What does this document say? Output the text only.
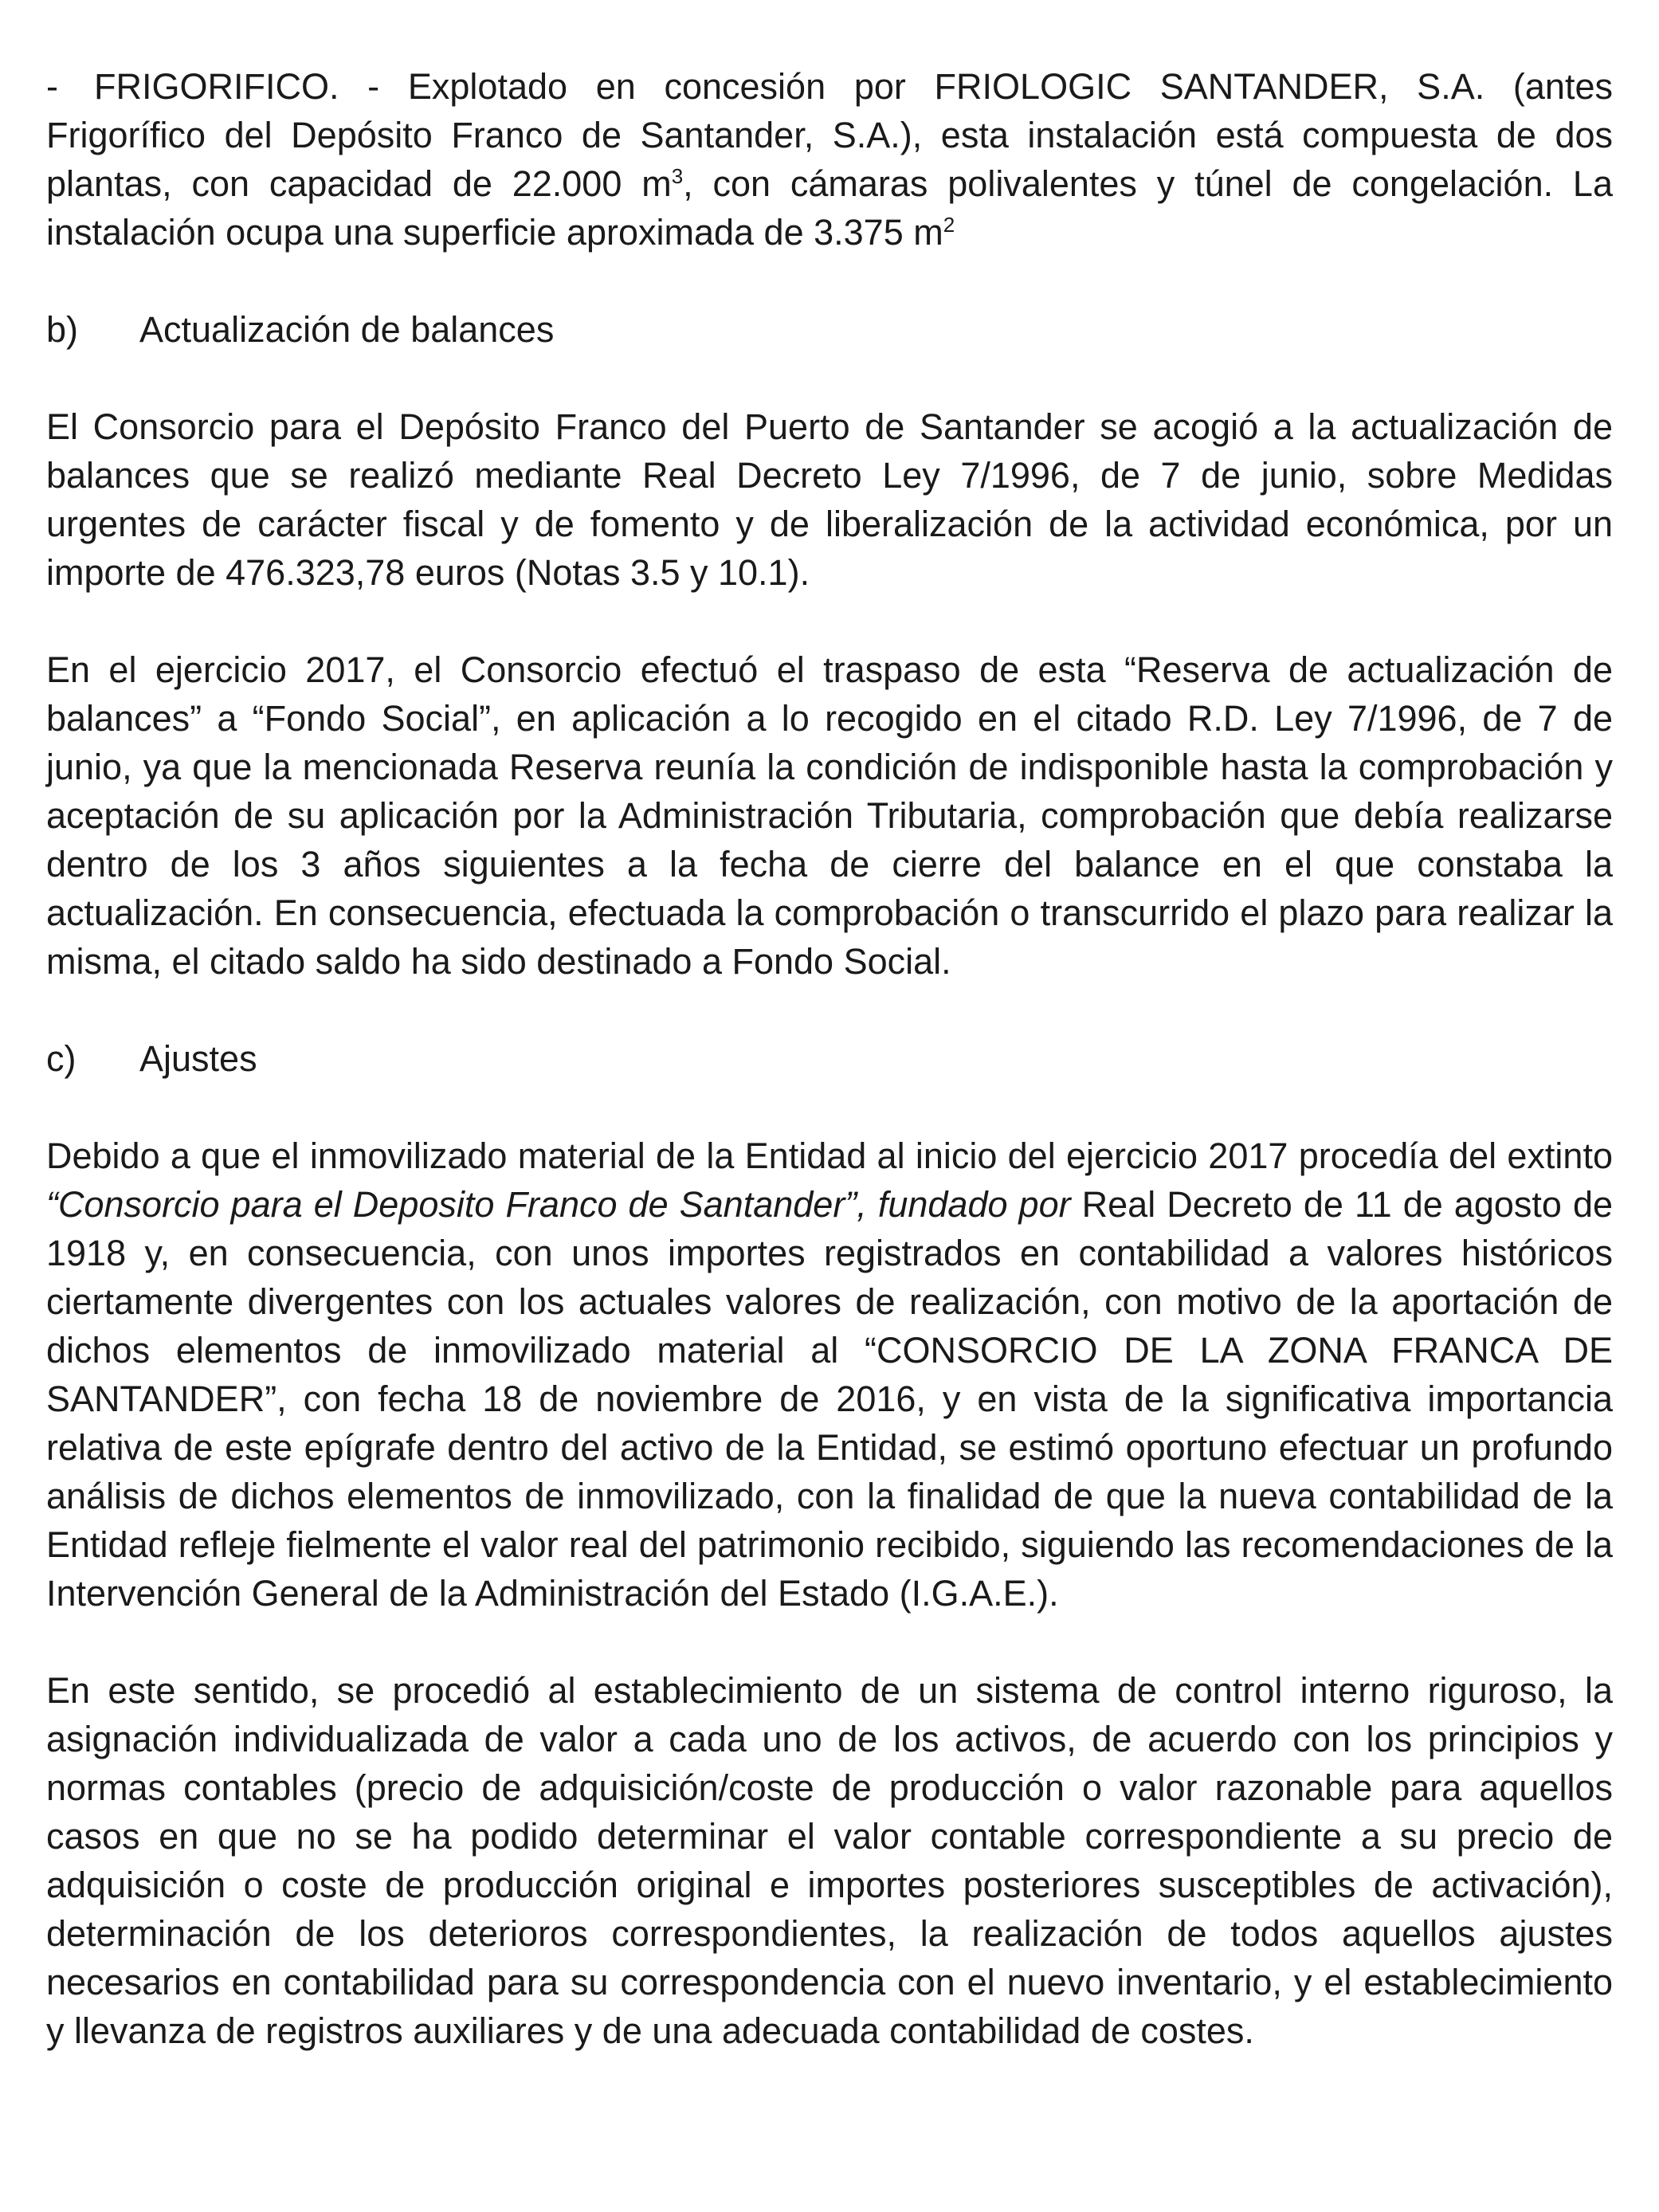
- FRIGORIFICO. - Explotado en concesión por FRIOLOGIC SANTANDER, S.A. (antes Frigorífico del Depósito Franco de Santander, S.A.), esta instalación está compuesta de dos plantas, con capacidad de 22.000 $m^3$, con cámaras polivalentes y túnel de congelación. La instalación ocupa una superficie aproximada de 3.375 $m^2$

b) Actualización de balances

El Consorcio para el Depósito Franco del Puerto de Santander se acogió a la actualización de balances que se realizó mediante Real Decreto Ley 7/1996, de 7 de junio, sobre Medidas urgentes de carácter fiscal y de fomento y de liberalización de la actividad económica, por un importe de 476.323,78 euros (Notas 3.5 y 10.1).

En el ejercicio 2017, el Consorcio efectuó el traspaso de esta “Reserva de actualización de balances” a “Fondo Social”, en aplicación a lo recogido en el citado R.D. Ley 7/1996, de 7 de junio, ya que la mencionada Reserva reunía la condición de indisponible hasta la comprobación y aceptación de su aplicación por la Administración Tributaria, comprobación que debía realizarse dentro de los 3 años siguientes a la fecha de cierre del balance en el que constaba la actualización. En consecuencia, efectuada la comprobación o transcurrido el plazo para realizar la misma, el citado saldo ha sido destinado a Fondo Social.

c) Ajustes

Debido a que el inmovilizado material de la Entidad al inicio del ejercicio 2017 procedía del extinto “Consorcio para el Deposito Franco de Santander”, fundado por Real Decreto de 11 de agosto de 1918 y, en consecuencia, con unos importes registrados en contabilidad a valores históricos ciertamente divergentes con los actuales valores de realización, con motivo de la aportación de dichos elementos de inmovilizado material al “CONSORCIO DE LA ZONA FRANCA DE SANTANDER”, con fecha 18 de noviembre de 2016, y en vista de la significativa importancia relativa de este epígrafe dentro del activo de la Entidad, se estimó oportuno efectuar un profundo análisis de dichos elementos de inmovilizado, con la finalidad de que la nueva contabilidad de la Entidad refleje fielmente el valor real del patrimonio recibido, siguiendo las recomendaciones de la Intervención General de la Administración del Estado (I.G.A.E.).

En este sentido, se procedió al establecimiento de un sistema de control interno riguroso, la asignación individualizada de valor a cada uno de los activos, de acuerdo con los principios y normas contables (precio de adquisición/coste de producción o valor razonable para aquellos casos en que no se ha podido determinar el valor contable correspondiente a su precio de adquisición o coste de producción original e importes posteriores susceptibles de activación), determinación de los deterioros correspondientes, la realización de todos aquellos ajustes necesarios en contabilidad para su correspondencia con el nuevo inventario, y el establecimiento y llevanza de registros auxiliares y de una adecuada contabilidad de costes.
